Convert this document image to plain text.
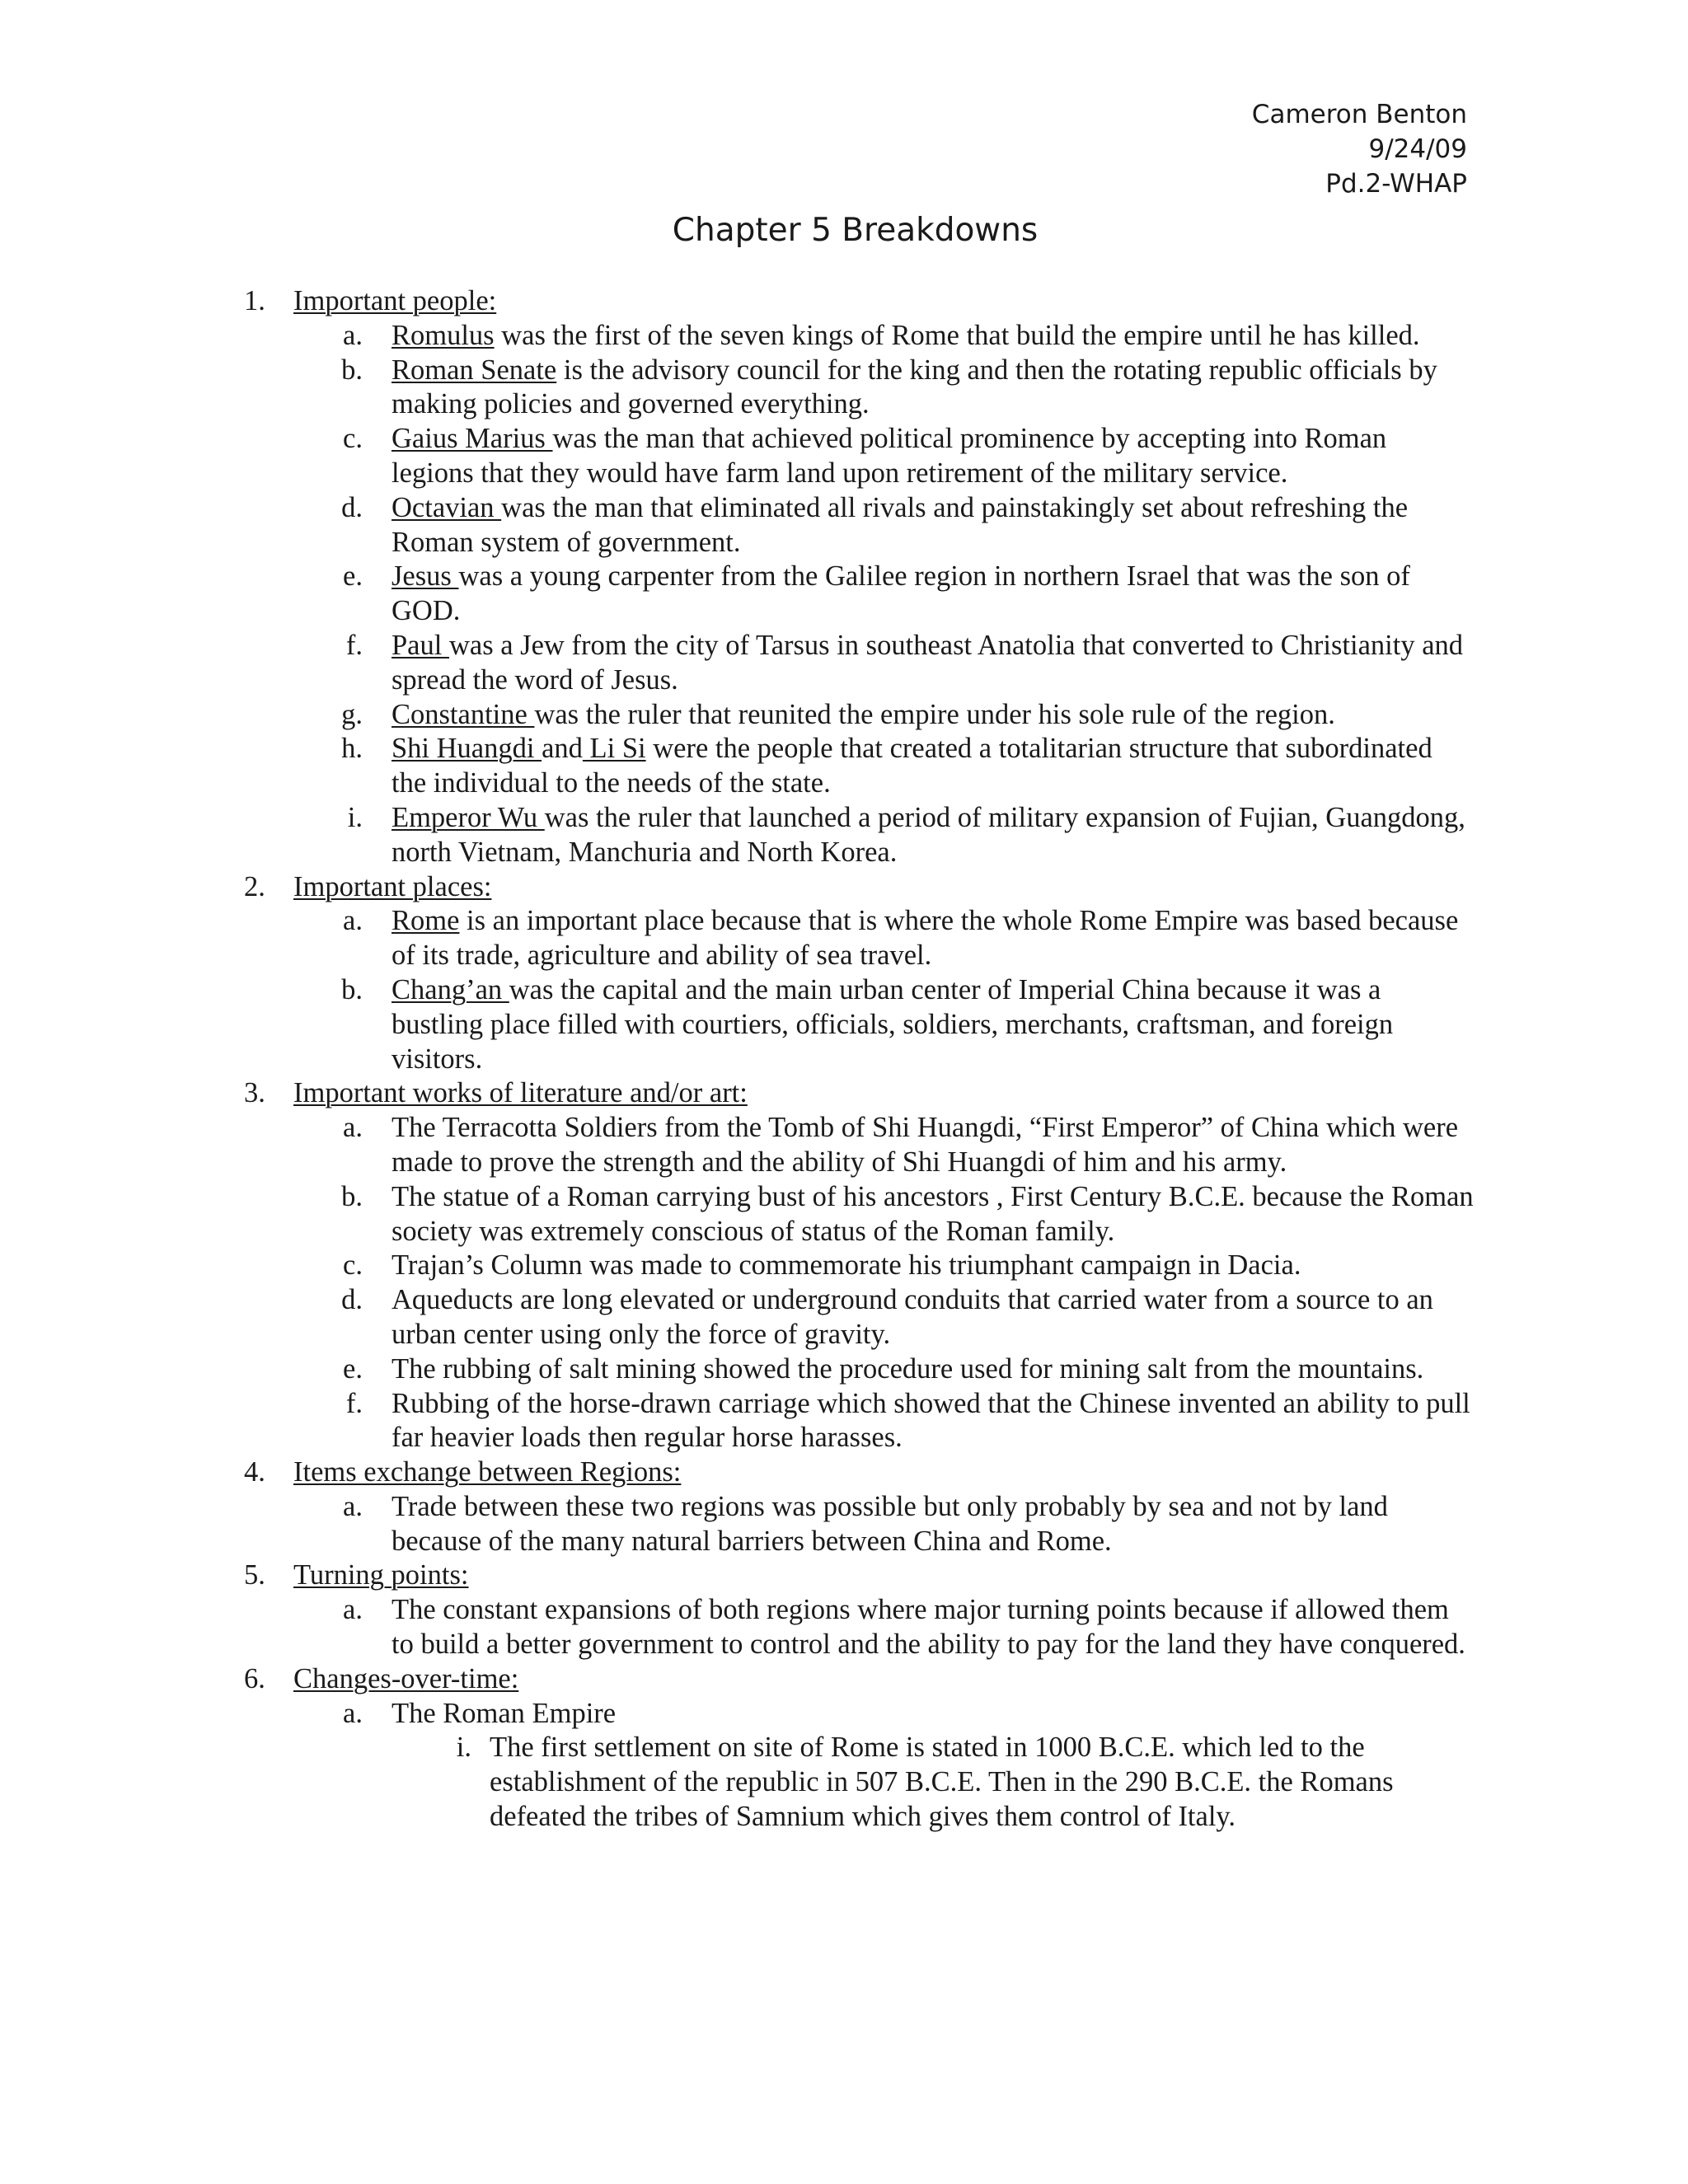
Cameron Benton
9/24/09
Pd.2-WHAP
Chapter 5 Breakdowns
1. Important people:
a. Romulus was the first of the seven kings of Rome that build the empire until he has killed.
b. Roman Senate is the advisory council for the king and then the rotating republic officials by making policies and governed everything.
c. Gaius Marius was the man that achieved political prominence by accepting into Roman legions that they would have farm land upon retirement of the military service.
d. Octavian was the man that eliminated all rivals and painstakingly set about refreshing the Roman system of government.
e. Jesus was a young carpenter from the Galilee region in northern Israel that was the son of GOD.
f. Paul was a Jew from the city of Tarsus in southeast Anatolia that converted to Christianity and spread the word of Jesus.
g. Constantine was the ruler that reunited the empire under his sole rule of the region.
h. Shi Huangdi and Li Si were the people that created a totalitarian structure that subordinated the individual to the needs of the state.
i. Emperor Wu was the ruler that launched a period of military expansion of Fujian, Guangdong, north Vietnam, Manchuria and North Korea.
2. Important places:
a. Rome is an important place because that is where the whole Rome Empire was based because of its trade, agriculture and ability of sea travel.
b. Chang’an was the capital and the main urban center of Imperial China because it was a bustling place filled with courtiers, officials, soldiers, merchants, craftsman, and foreign visitors.
3. Important works of literature and/or art:
a. The Terracotta Soldiers from the Tomb of Shi Huangdi, “First Emperor” of China which were made to prove the strength and the ability of Shi Huangdi of him and his army.
b. The statue of a Roman carrying bust of his ancestors , First Century B.C.E. because the Roman society was extremely conscious of status of the Roman family.
c. Trajan’s Column was made to commemorate his triumphant campaign in Dacia.
d. Aqueducts are long elevated or underground conduits that carried water from a source to an urban center using only the force of gravity.
e. The rubbing of salt mining showed the procedure used for mining salt from the mountains.
f. Rubbing of the horse-drawn carriage which showed that the Chinese invented an ability to pull far heavier loads then regular horse harasses.
4. Items exchange between Regions:
a. Trade between these two regions was possible but only probably by sea and not by land because of the many natural barriers between China and Rome.
5. Turning points:
a. The constant expansions of both regions where major turning points because if allowed them to build a better government to control and the ability to pay for the land they have conquered.
6. Changes-over-time:
a. The Roman Empire
i. The first settlement on site of Rome is stated in 1000 B.C.E. which led to the establishment of the republic in 507 B.C.E. Then in the 290 B.C.E. the Romans defeated the tribes of Samnium which gives them control of Italy.
